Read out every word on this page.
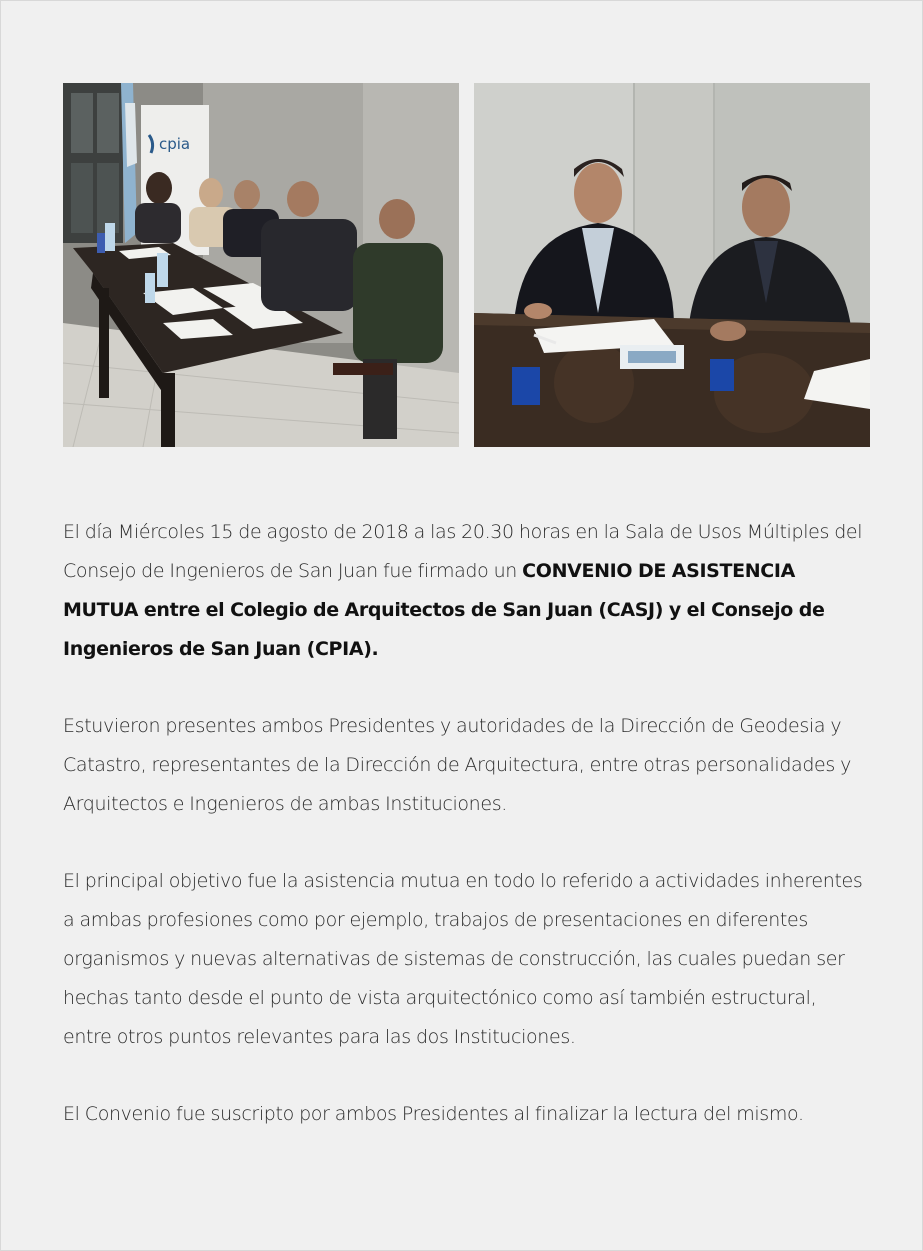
cpia

El día Miércoles 15 de agosto de 2018 a las 20.30 horas en la Sala de Usos Múltiples del Consejo de Ingenieros de San Juan fue firmado un CONVENIO DE ASISTENCIA MUTUA entre el Colegio de Arquitectos de San Juan (CASJ) y el Consejo de Ingenieros de San Juan (CPIA).

Estuvieron presentes ambos Presidentes y autoridades de la Dirección de Geodesia y Catastro, representantes de la Dirección de Arquitectura, entre otras personalidades y Arquitectos e Ingenieros de ambas Instituciones.

El principal objetivo fue la asistencia mutua en todo lo referido a actividades inherentes a ambas profesiones como por ejemplo, trabajos de presentaciones en diferentes organismos y nuevas alternativas de sistemas de construcción, las cuales puedan ser hechas tanto desde el punto de vista arquitectónico como así también estructural, entre otros puntos relevantes para las dos Instituciones.

El Convenio fue suscripto por ambos Presidentes al finalizar la lectura del mismo.
